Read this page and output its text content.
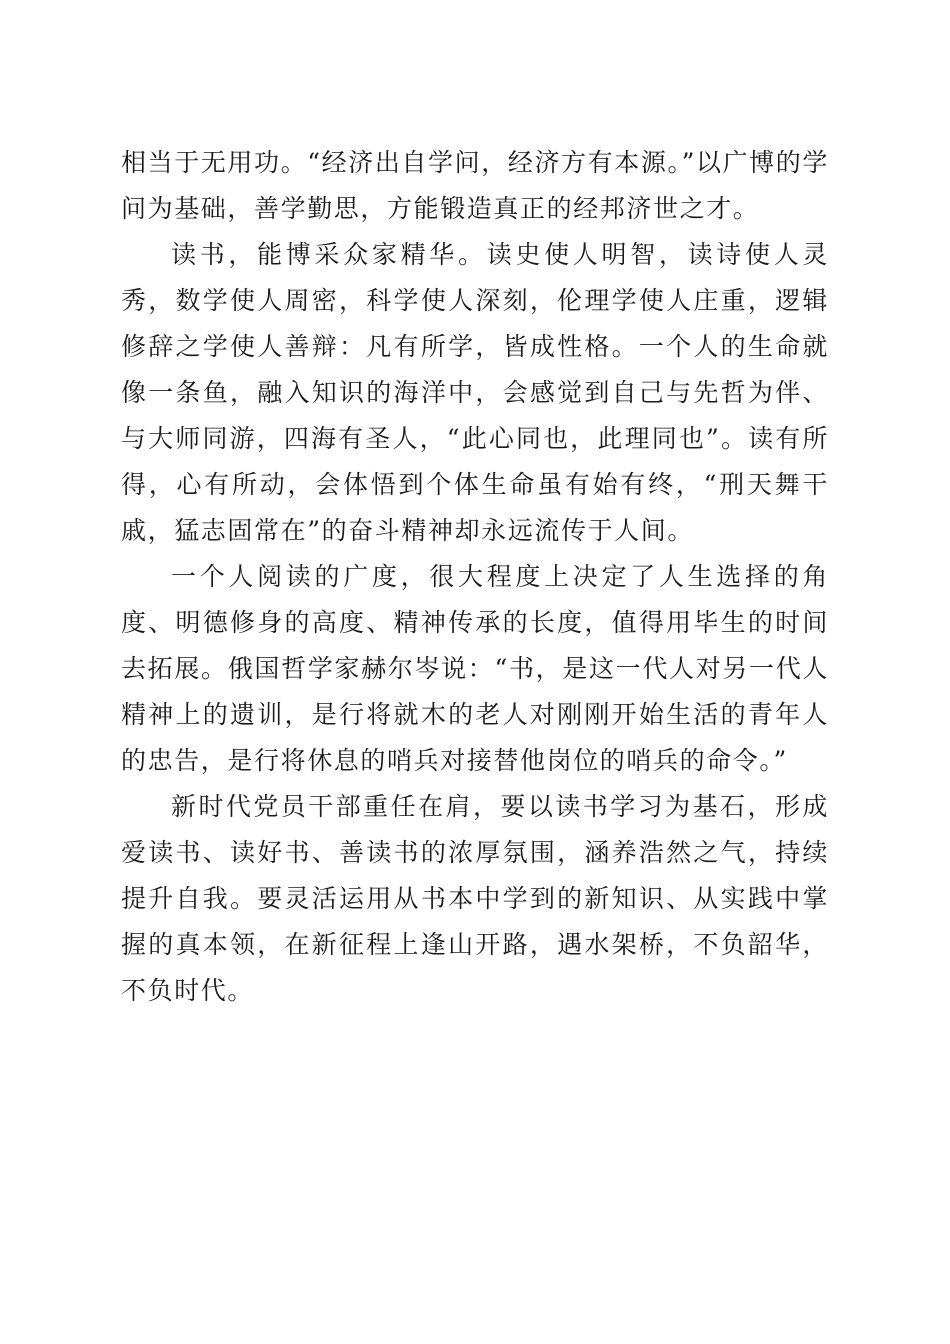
相当于无用功。“经济出自学问，经济方有本源。”以广博的学问为基础，善学勤思，方能锻造真正的经邦济世之才。

读书，能博采众家精华。读史使人明智，读诗使人灵秀，数学使人周密，科学使人深刻，伦理学使人庄重，逻辑修辞之学使人善辩：凡有所学，皆成性格。一个人的生命就像一条鱼，融入知识的海洋中，会感觉到自己与先哲为伴、与大师同游，四海有圣人，“此心同也，此理同也”。读有所得，心有所动，会体悟到个体生命虽有始有终，“刑天舞干戚，猛志固常在”的奋斗精神却永远流传于人间。

一个人阅读的广度，很大程度上决定了人生选择的角度、明德修身的高度、精神传承的长度，值得用毕生的时间去拓展。俄国哲学家赫尔岑说：“书，是这一代人对另一代人精神上的遗训，是行将就木的老人对刚刚开始生活的青年人的忠告，是行将休息的哨兵对接替他岗位的哨兵的命令。”

新时代党员干部重任在肩，要以读书学习为基石，形成爱读书、读好书、善读书的浓厚氛围，涵养浩然之气，持续提升自我。要灵活运用从书本中学到的新知识、从实践中掌握的真本领，在新征程上逢山开路，遇水架桥，不负韶华，不负时代。
